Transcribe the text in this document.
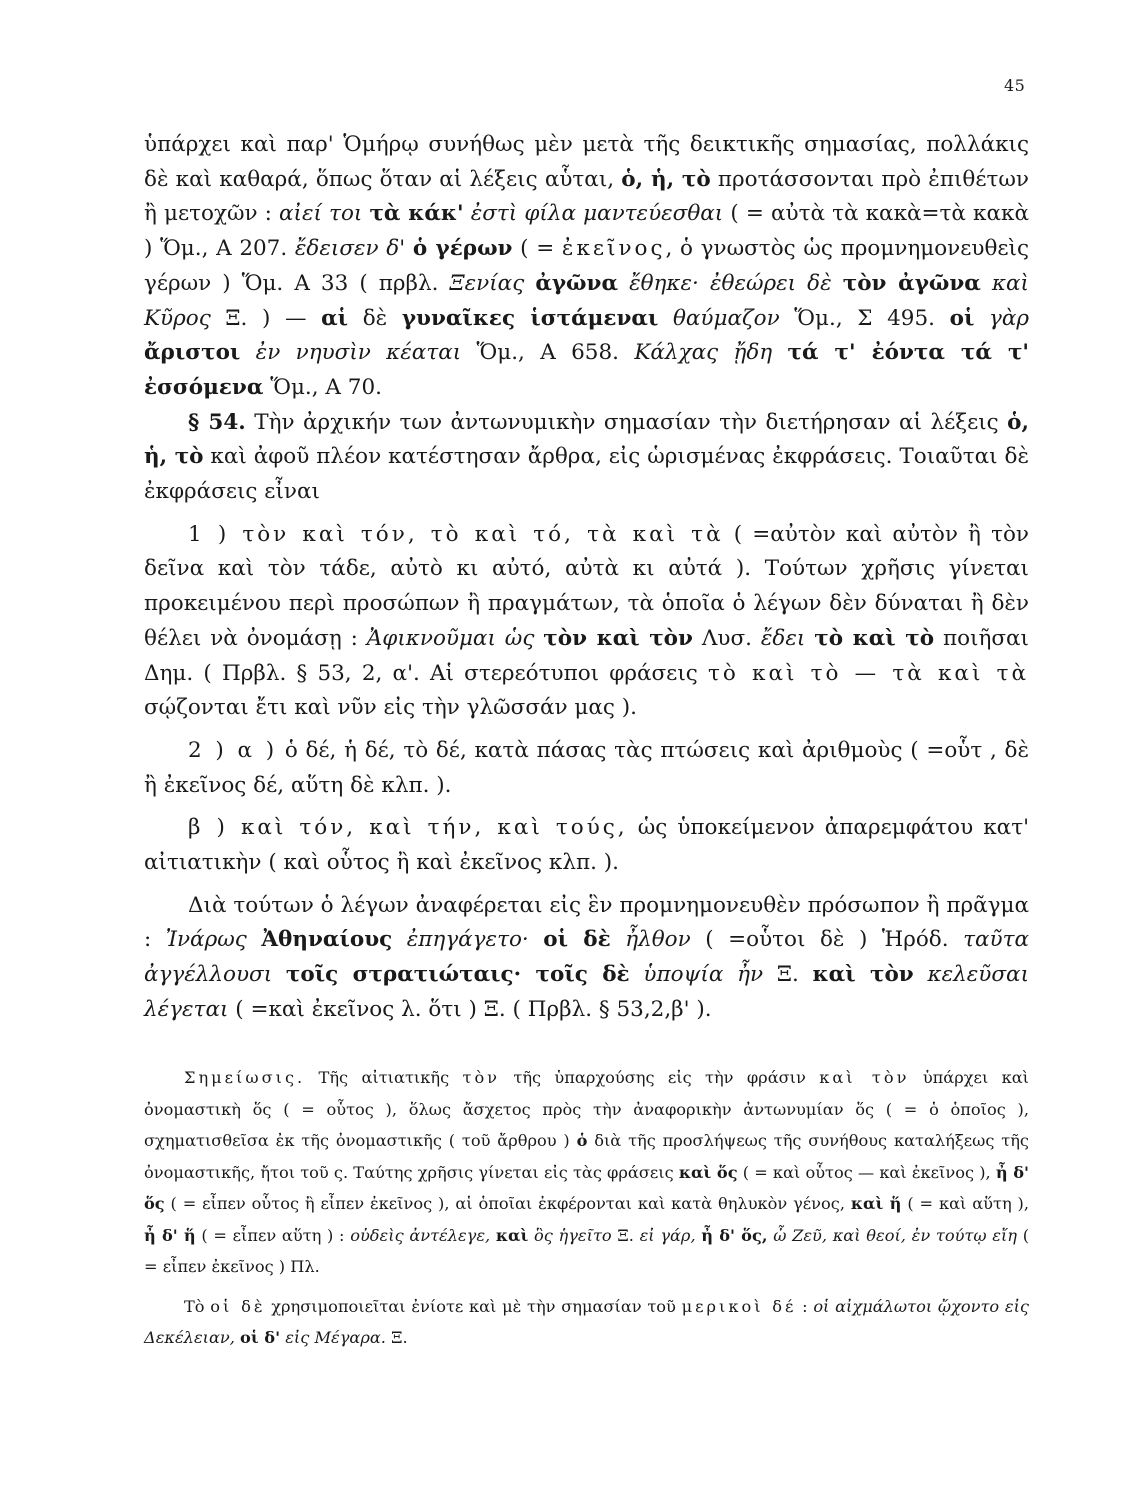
45

ὑπάρχει καὶ παρ' Ὁμήρῳ συνήθως μὲν μετὰ τῆς δεικτικῆς σημασίας, πολλάκις δὲ καὶ καθαρά, ὅπως ὅταν αἱ λέξεις αὗται, ὁ, ἡ, τὸ προτάσσονται πρὸ ἐπιθέτων ἢ μετοχῶν : αἰεί τοι τὰ κάκ' ἐστὶ φίλα μαντεύεσθαι ( = αὐτὰ τὰ κακὰ=τὰ κακὰ ) Ὅμ., Α 207. ἔδεισεν δ' ὁ γέρων ( = ἐκεῖνος, ὁ γνωστὸς ὡς προμνημονευθεὶς γέρων ) Ὅμ. Α 33 ( πρβλ. Ξενίας ἀγῶνα ἔθηκε· ἐθεώρει δὲ τὸν ἀγῶνα καὶ Κῦρος Ξ. ) — αἱ δὲ γυναῖκες ἱστάμεναι θαύμαζον Ὅμ., Σ 495. οἱ γὰρ ἄριστοι ἐν νηυσὶν κέαται Ὅμ., Α 658. Κάλχας ᾔδη τά τ' ἐόντα τά τ' ἐσσόμενα Ὅμ., Α 70.

§ 54. Τὴν ἀρχικήν των ἀντωνυμικὴν σημασίαν τὴν διετήρησαν αἱ λέξεις ὁ, ἡ, τὸ καὶ ἀφοῦ πλέον κατέστησαν ἄρθρα, εἰς ὡρισμένας ἐκφράσεις. Τοιαῦται δὲ ἐκφράσεις εἶναι

1 ) τὸν καὶ τόν, τὸ καὶ τό, τὰ καὶ τὰ ( =αὐτὸν καὶ αὐτὸν ἢ τὸν δεῖνα καὶ τὸν τάδε, αὐτὸ κι αὐτό, αὐτὰ κι αὐτά ). Τούτων χρῆσις γίνεται προκειμένου περὶ προσώπων ἢ πραγμάτων, τὰ ὁποῖα ὁ λέγων δὲν δύναται ἢ δὲν θέλει νὰ ὀνομάσῃ : Ἀφικνοῦμαι ὡς τὸν καὶ τὸν Λυσ. ἔδει τὸ καὶ τὸ ποιῆσαι Δημ. ( Πρβλ. § 53, 2, α'. Αἱ στερεότυποι φράσεις τὸ καὶ τὸ — τὰ καὶ τὰ σῴζονται ἔτι καὶ νῦν εἰς τὴν γλῶσσάν μας ).

2 ) α ) ὁ δέ, ἡ δέ, τὸ δέ, κατὰ πάσας τὰς πτώσεις καὶ ἀριθμοὺς ( =οὗτ , δὲ ἢ ἐκεῖνος δέ, αὕτη δὲ κλπ. ).

β ) καὶ τόν, καὶ τήν, καὶ τούς, ὡς ὑποκείμενον ἀπαρεμφάτου κατ' αἰτιατικὴν ( καὶ οὗτος ἢ καὶ ἐκεῖνος κλπ. ).

Διὰ τούτων ὁ λέγων ἀναφέρεται εἰς ἓν προμνημονευθὲν πρόσωπον ἢ πρᾶγμα : Ἰνάρως Ἀθηναίους ἐπηγάγετο· οἱ δὲ ἦλθον ( =οὗτοι δὲ ) Ἡρόδ. ταῦτα ἀγγέλλουσι τοῖς στρατιώταις· τοῖς δὲ ὑποψία ἦν Ξ. καὶ τὸν κελεῦσαι λέγεται ( =καὶ ἐκεῖνος λ. ὅτι ) Ξ. ( Πρβλ. § 53,2,β' ).

Σημείωσις. Τῆς αἰτιατικῆς τὸν τῆς ὑπαρχούσης εἰς τὴν φράσιν καὶ τὸν ὑπάρχει καὶ ὀνομαστικὴ ὅς ( = οὗτος ), ὅλως ἄσχετος πρὸς τὴν ἀναφορικὴν ἀντωνυμίαν ὅς ( = ὁ ὁποῖος ), σχηματισθεῖσα ἐκ τῆς ὀνομαστικῆς ( τοῦ ἄρθρου ) ὁ διὰ τῆς προσλήψεως τῆς συνήθους καταλήξεως τῆς ὀνομαστικῆς, ἤτοι τοῦ ς. Ταύτης χρῆσις γίνεται εἰς τὰς φράσεις καὶ ὅς ( = καὶ οὗτος — καὶ ἐκεῖνος ), ἦ δ' ὅς ( = εἶπεν οὗτος ἢ εἶπεν ἐκεῖνος ), αἱ ὁποῖαι ἐκφέρονται καὶ κατὰ θηλυκὸν γένος, καὶ ἥ ( = καὶ αὕτη ), ἦ δ' ἥ ( = εἶπεν αὕτη ) : οὐδεὶς ἀντέλεγε, καὶ ὃς ἡγεῖτο Ξ. εἰ γάρ, ἦ δ' ὅς, ὦ Ζεῦ, καὶ θεοί, ἐν τούτῳ εἴη ( = εἶπεν ἐκεῖνος ) Πλ.

Τὸ οἱ δὲ χρησιμοποιεῖται ἐνίοτε καὶ μὲ τὴν σημασίαν τοῦ μερικοὶ δέ : οἱ αἰχμάλωτοι ᾤχοντο εἰς Δεκέλειαν, οἱ δ' εἰς Μέγαρα. Ξ.
